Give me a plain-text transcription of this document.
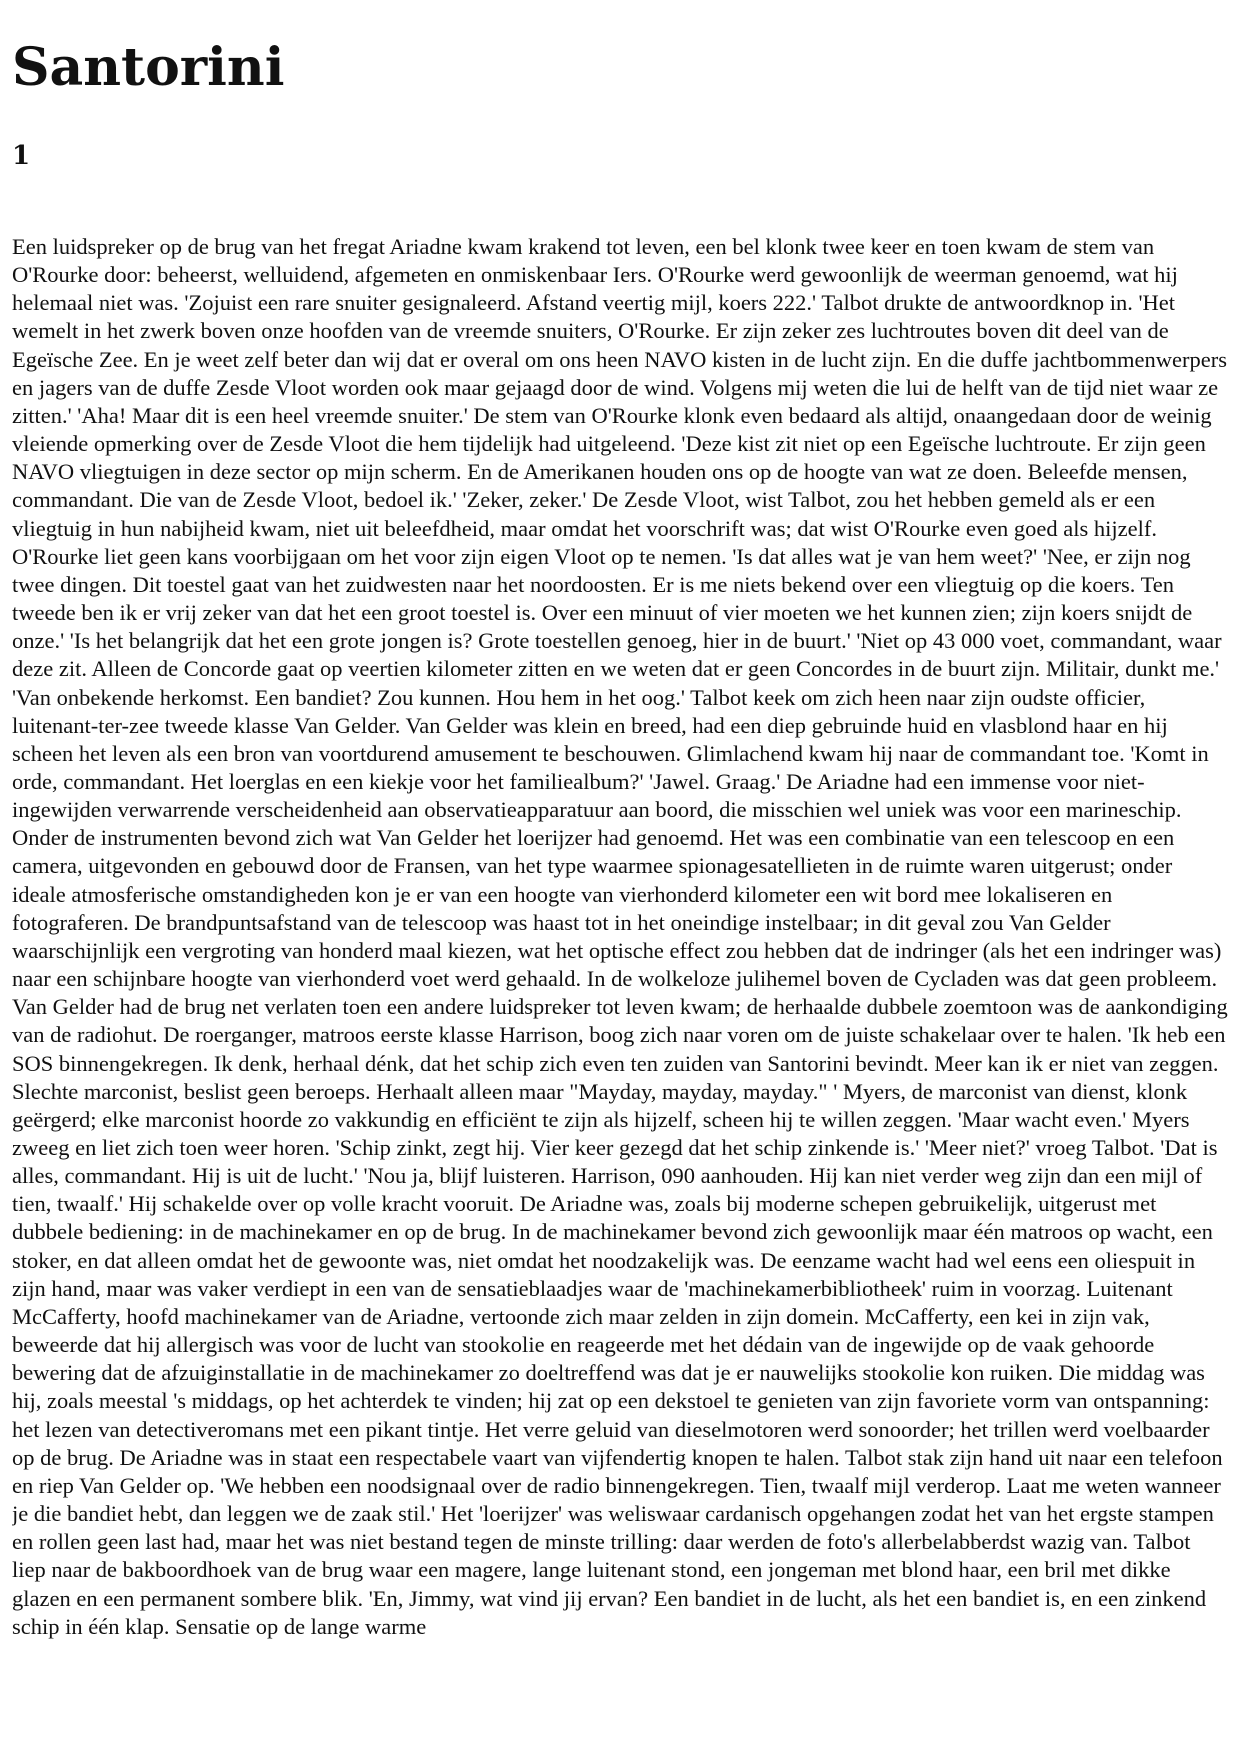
Santorini
1

Een luidspreker op de brug van het fregat Ariadne kwam krakend tot leven, een bel klonk twee keer en toen kwam de stem van O'Rourke door: beheerst, welluidend, afgemeten en onmiskenbaar Iers. O'Rourke werd gewoonlijk de weerman genoemd, wat hij helemaal niet was. 'Zojuist een rare snuiter gesignaleerd. Afstand veertig mijl, koers 222.' Talbot drukte de antwoordknop in. 'Het wemelt in het zwerk boven onze hoofden van de vreemde snuiters, O'Rourke. Er zijn zeker zes luchtroutes boven dit deel van de Egeïsche Zee. En je weet zelf beter dan wij dat er overal om ons heen NAVO kisten in de lucht zijn. En die duffe jachtbommenwerpers en jagers van de duffe Zesde Vloot worden ook maar gejaagd door de wind. Volgens mij weten die lui de helft van de tijd niet waar ze zitten.' 'Aha! Maar dit is een heel vreemde snuiter.' De stem van O'Rourke klonk even bedaard als altijd, onaangedaan door de weinig vleiende opmerking over de Zesde Vloot die hem tijdelijk had uitgeleend. 'Deze kist zit niet op een Egeïsche luchtroute. Er zijn geen NAVO vliegtuigen in deze sector op mijn scherm. En de Amerikanen houden ons op de hoogte van wat ze doen. Beleefde mensen, commandant. Die van de Zesde Vloot, bedoel ik.' 'Zeker, zeker.' De Zesde Vloot, wist Talbot, zou het hebben gemeld als er een vliegtuig in hun nabijheid kwam, niet uit beleefdheid, maar omdat het voorschrift was; dat wist O'Rourke even goed als hijzelf. O'Rourke liet geen kans voorbijgaan om het voor zijn eigen Vloot op te nemen. 'Is dat alles wat je van hem weet?' 'Nee, er zijn nog twee dingen. Dit toestel gaat van het zuidwesten naar het noordoosten. Er is me niets bekend over een vliegtuig op die koers. Ten tweede ben ik er vrij zeker van dat het een groot toestel is. Over een minuut of vier moeten we het kunnen zien; zijn koers snijdt de onze.' 'Is het belangrijk dat het een grote jongen is? Grote toestellen genoeg, hier in de buurt.' 'Niet op 43 000 voet, commandant, waar deze zit. Alleen de Concorde gaat op veertien kilometer zitten en we weten dat er geen Concordes in de buurt zijn. Militair, dunkt me.' 'Van onbekende herkomst. Een bandiet? Zou kunnen. Hou hem in het oog.' Talbot keek om zich heen naar zijn oudste officier, luitenant-ter-zee tweede klasse Van Gelder. Van Gelder was klein en breed, had een diep gebruinde huid en vlasblond haar en hij scheen het leven als een bron van voortdurend amusement te beschouwen. Glimlachend kwam hij naar de commandant toe. 'Komt in orde, commandant. Het loerglas en een kiekje voor het familiealbum?' 'Jawel. Graag.' De Ariadne had een immense voor niet-ingewijden verwarrende verscheidenheid aan observatieapparatuur aan boord, die misschien wel uniek was voor een marineschip. Onder de instrumenten bevond zich wat Van Gelder het loerijzer had genoemd. Het was een combinatie van een telescoop en een camera, uitgevonden en gebouwd door de Fransen, van het type waarmee spionagesatellieten in de ruimte waren uitgerust; onder ideale atmosferische omstandigheden kon je er van een hoogte van vierhonderd kilometer een wit bord mee lokaliseren en fotograferen. De brandpuntsafstand van de telescoop was haast tot in het oneindige instelbaar; in dit geval zou Van Gelder waarschijnlijk een vergroting van honderd maal kiezen, wat het optische effect zou hebben dat de indringer (als het een indringer was) naar een schijnbare hoogte van vierhonderd voet werd gehaald. In de wolkeloze julihemel boven de Cycladen was dat geen probleem. Van Gelder had de brug net verlaten toen een andere luidspreker tot leven kwam; de herhaalde dubbele zoemtoon was de aankondiging van de radiohut. De roerganger, matroos eerste klasse Harrison, boog zich naar voren om de juiste schakelaar over te halen. 'Ik heb een SOS binnengekregen. Ik denk, herhaal dénk, dat het schip zich even ten zuiden van Santorini bevindt. Meer kan ik er niet van zeggen. Slechte marconist, beslist geen beroeps. Herhaalt alleen maar "Mayday, mayday, mayday." ' Myers, de marconist van dienst, klonk geërgerd; elke marconist hoorde zo vakkundig en efficiënt te zijn als hijzelf, scheen hij te willen zeggen. 'Maar wacht even.' Myers zweeg en liet zich toen weer horen. 'Schip zinkt, zegt hij. Vier keer gezegd dat het schip zinkende is.' 'Meer niet?' vroeg Talbot. 'Dat is alles, commandant. Hij is uit de lucht.' 'Nou ja, blijf luisteren. Harrison, 090 aanhouden. Hij kan niet verder weg zijn dan een mijl of tien, twaalf.' Hij schakelde over op volle kracht vooruit. De Ariadne was, zoals bij moderne schepen gebruikelijk, uitgerust met dubbele bediening: in de machinekamer en op de brug. In de machinekamer bevond zich gewoonlijk maar één matroos op wacht, een stoker, en dat alleen omdat het de gewoonte was, niet omdat het noodzakelijk was. De eenzame wacht had wel eens een oliespuit in zijn hand, maar was vaker verdiept in een van de sensatieblaadjes waar de 'machinekamerbibliotheek' ruim in voorzag. Luitenant McCafferty, hoofd machinekamer van de Ariadne, vertoonde zich maar zelden in zijn domein. McCafferty, een kei in zijn vak, beweerde dat hij allergisch was voor de lucht van stookolie en reageerde met het dédain van de ingewijde op de vaak gehoorde bewering dat de afzuiginstallatie in de machinekamer zo doeltreffend was dat je er nauwelijks stookolie kon ruiken. Die middag was hij, zoals meestal 's middags, op het achterdek te vinden; hij zat op een dekstoel te genieten van zijn favoriete vorm van ontspanning: het lezen van detectiveromans met een pikant tintje. Het verre geluid van dieselmotoren werd sonoorder; het trillen werd voelbaarder op de brug. De Ariadne was in staat een respectabele vaart van vijfendertig knopen te halen. Talbot stak zijn hand uit naar een telefoon en riep Van Gelder op. 'We hebben een noodsignaal over de radio binnengekregen. Tien, twaalf mijl verderop. Laat me weten wanneer je die bandiet hebt, dan leggen we de zaak stil.' Het 'loerijzer' was weliswaar cardanisch opgehangen zodat het van het ergste stampen en rollen geen last had, maar het was niet bestand tegen de minste trilling: daar werden de foto's allerbelabberdst wazig van. Talbot liep naar de bakboordhoek van de brug waar een magere, lange luitenant stond, een jongeman met blond haar, een bril met dikke glazen en een permanent sombere blik. 'En, Jimmy, wat vind jij ervan? Een bandiet in de lucht, als het een bandiet is, en een zinkend schip in één klap. Sensatie op de lange warme
